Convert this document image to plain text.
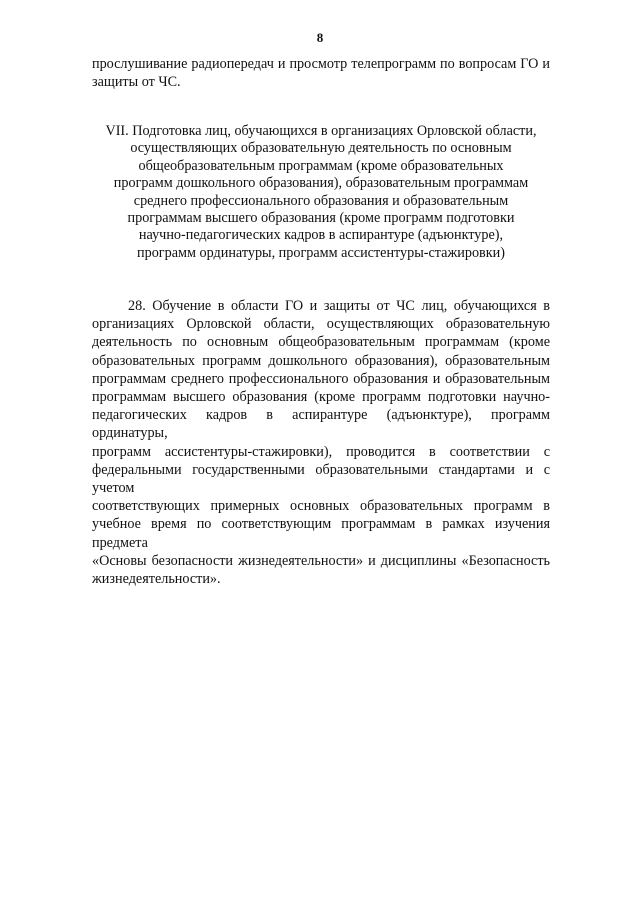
8
прослушивание радиопередач и просмотр телепрограмм по вопросам ГО и
защиты от ЧС.
VII. Подготовка лиц, обучающихся в организациях Орловской области,
осуществляющих образовательную деятельность по основным
общеобразовательным программам (кроме образовательных
программ дошкольного образования), образовательным программам
среднего профессионального образования и образовательным
программам высшего образования (кроме программ подготовки
научно-педагогических кадров в аспирантуре (адъюнктуре),
программ ординатуры, программ ассистентуры-стажировки)
28. Обучение в области ГО и защиты от ЧС лиц, обучающихся в
организациях Орловской области, осуществляющих образовательную
деятельность по основным общеобразовательным программам (кроме
образовательных программ дошкольного образования), образовательным
программам среднего профессионального образования и образовательным
программам высшего образования (кроме программ подготовки научно-
педагогических кадров в аспирантуре (адъюнктуре), программ ординатуры,
программ ассистентуры-стажировки), проводится в соответствии с
федеральными государственными образовательными стандартами и с учетом
соответствующих примерных основных образовательных программ в
учебное время по соответствующим программам в рамках изучения предмета
«Основы безопасности жизнедеятельности» и дисциплины «Безопасность
жизнедеятельности».
